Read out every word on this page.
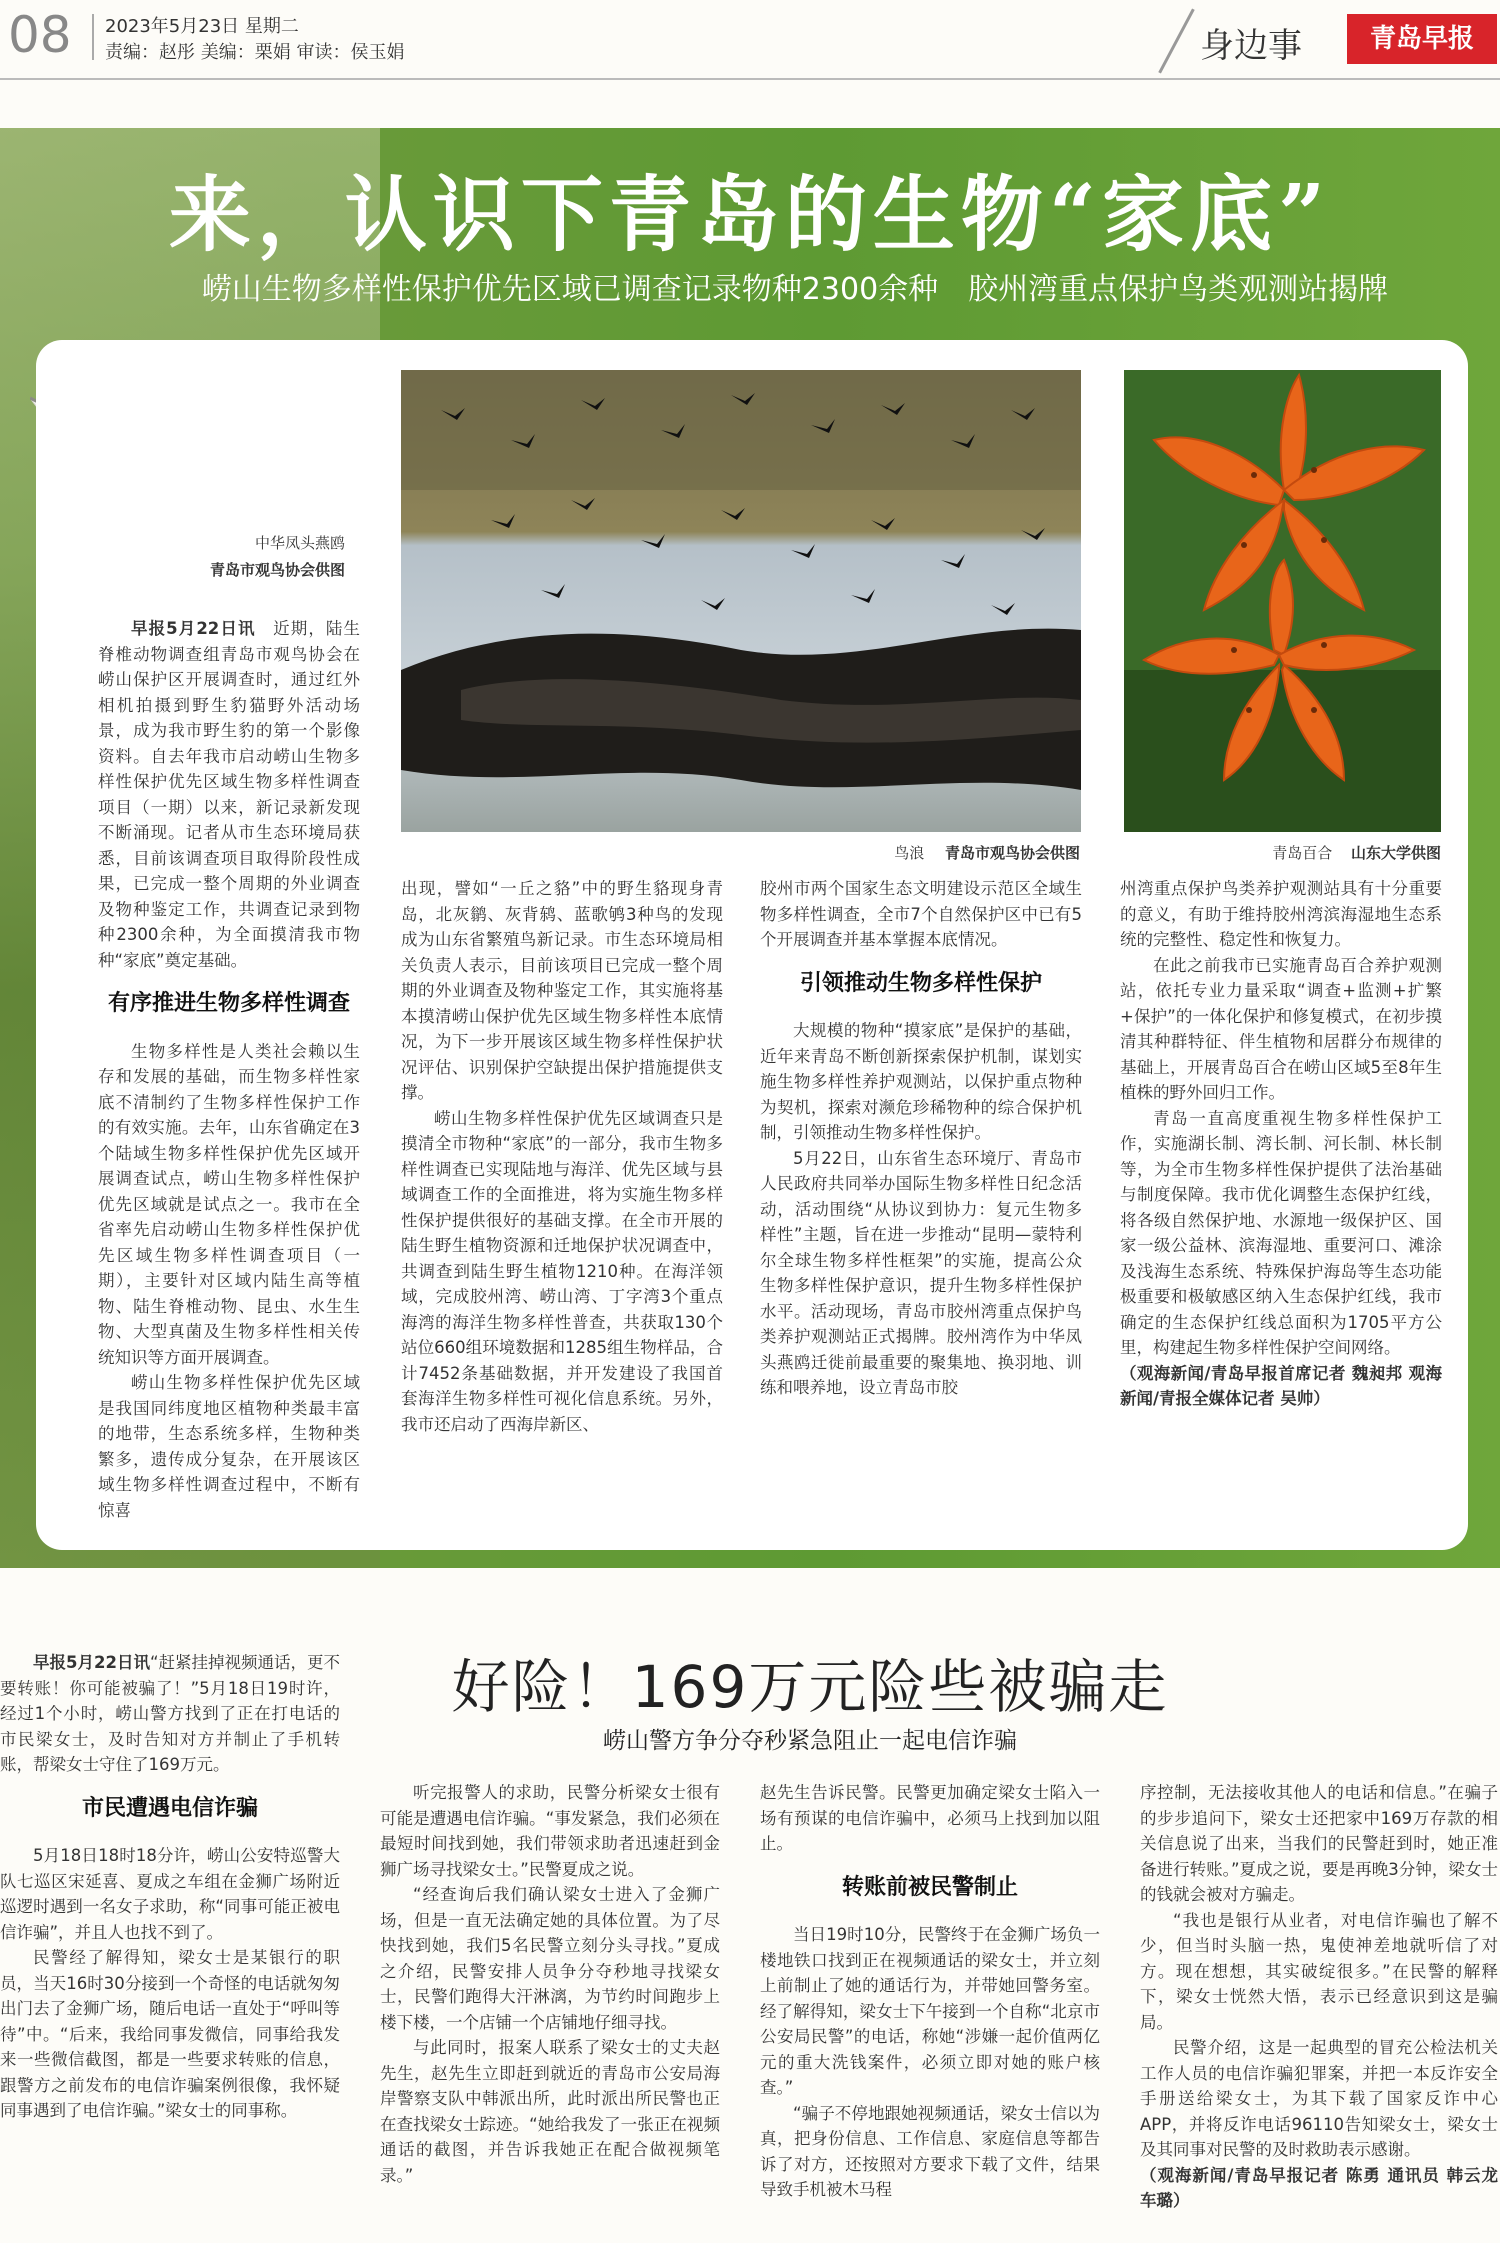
08 2023年5月23日 星期二
责编：赵彤 美编：栗娟 审读：侯玉娟	身边事	青岛早报
来，认识下青岛的生物“家底”
崂山生物多样性保护优先区域已调查记录物种2300余种　胶州湾重点保护鸟类观测站揭牌
中华凤头燕鸥
青岛市观鸟协会供图
鸟浪 青岛市观鸟协会供图	青岛百合 山东大学供图

早报5月22日讯　 近期，陆生脊椎动物调查组青岛市观鸟协会在崂山保护区开展调查时，通过红外相机拍摄到野生豹猫野外活动场景，成为我市野生豹的第一个影像资料。自去年我市启动崂山生物多样性保护优先区域生物多样性调查项目（一期）以来，新记录新发现不断涌现。记者从市生态环境局获悉，目前该调查项目取得阶段性成果，已完成一整个周期的外业调查及物种鉴定工作，共调查记录到物种2300余种，为全面摸清我市物种“家底”奠定基础。

有序推进生物多样性调查

生物多样性是人类社会赖以生存和发展的基础，而生物多样性家底不清制约了生物多样性保护工作的有效实施。去年，山东省确定在3个陆域生物多样性保护优先区域开展调查试点，崂山生物多样性保护优先区域就是试点之一。我市在全省率先启动崂山生物多样性保护优先区域生物多样性调查项目（一期），主要针对区域内陆生高等植物、陆生脊椎动物、昆虫、水生生物、大型真菌及生物多样性相关传统知识等方面开展调查。

崂山生物多样性保护优先区域是我国同纬度地区植物种类最丰富的地带，生态系统多样，生物种类繁多，遗传成分复杂，在开展该区域生物多样性调查过程中，不断有惊喜

出现，譬如“一丘之貉”中的野生貉现身青岛，北灰鹟、灰背鸫、蓝歌鸲3种鸟的发现成为山东省繁殖鸟新记录。市生态环境局相关负责人表示，目前该项目已完成一整个周期的外业调查及物种鉴定工作，其实施将基本摸清崂山保护优先区域生物多样性本底情况，为下一步开展该区域生物多样性保护状况评估、识别保护空缺提出保护措施提供支撑。

崂山生物多样性保护优先区域调查只是摸清全市物种“家底”的一部分，我市生物多样性调查已实现陆地与海洋、优先区域与县域调查工作的全面推进，将为实施生物多样性保护提供很好的基础支撑。在全市开展的陆生野生植物资源和迁地保护状况调查中，共调查到陆生野生植物1210种。在海洋领域，完成胶州湾、崂山湾、丁字湾3个重点海湾的海洋生物多样性普查，共获取130个站位660组环境数据和1285组生物样品，合计7452条基础数据，并开发建设了我国首套海洋生物多样性可视化信息系统。另外，我市还启动了西海岸新区、

胶州市两个国家生态文明建设示范区全域生物多样性调查，全市7个自然保护区中已有5个开展调查并基本掌握本底情况。

引领推动生物多样性保护

大规模的物种“摸家底”是保护的基础，近年来青岛不断创新探索保护机制，谋划实施生物多样性养护观测站，以保护重点物种为契机，探索对濒危珍稀物种的综合保护机制，引领推动生物多样性保护。

5月22日，山东省生态环境厅、青岛市人民政府共同举办国际生物多样性日纪念活动，活动围绕“从协议到协力：复元生物多样性”主题，旨在进一步推动“昆明—蒙特利尔全球生物多样性框架”的实施，提高公众生物多样性保护意识，提升生物多样性保护水平。活动现场，青岛市胶州湾重点保护鸟类养护观测站正式揭牌。胶州湾作为中华凤头燕鸥迁徙前最重要的聚集地、换羽地、训练和喂养地，设立青岛市胶

州湾重点保护鸟类养护观测站具有十分重要的意义，有助于维持胶州湾滨海湿地生态系统的完整性、稳定性和恢复力。

在此之前我市已实施青岛百合养护观测站，依托专业力量采取“调查+监测+扩繁+保护”的一体化保护和修复模式，在初步摸清其种群特征、伴生植物和居群分布规律的基础上，开展青岛百合在崂山区域5至8年生植株的野外回归工作。

青岛一直高度重视生物多样性保护工作，实施湖长制、湾长制、河长制、林长制等，为全市生物多样性保护提供了法治基础与制度保障。我市优化调整生态保护红线，将各级自然保护地、水源地一级保护区、国家一级公益林、滨海湿地、重要河口、滩涂及浅海生态系统、特殊保护海岛等生态功能极重要和极敏感区纳入生态保护红线，我市确定的生态保护红线总面积为1705平方公里，构建起生物多样性保护空间网络。

（观海新闻/青岛早报首席记者 魏昶邦 观海新闻/青报全媒体记者 吴帅）

好险！169万元险些被骗走
崂山警方争分夺秒紧急阻止一起电信诈骗

早报5月22日讯“赶紧挂掉视频通话，更不要转账！你可能被骗了！”5月18日19时许，经过1个小时，崂山警方找到了正在打电话的市民梁女士，及时告知对方并制止了手机转账，帮梁女士守住了169万元。

市民遭遇电信诈骗

5月18日18时18分许，崂山公安特巡警大队七巡区宋延喜、夏成之车组在金狮广场附近巡逻时遇到一名女子求助，称“同事可能正被电信诈骗”，并且人也找不到了。

民警经了解得知，梁女士是某银行的职员，当天16时30分接到一个奇怪的电话就匆匆出门去了金狮广场，随后电话一直处于“呼叫等待”中。“后来，我给同事发微信，同事给我发来一些微信截图，都是一些要求转账的信息，跟警方之前发布的电信诈骗案例很像，我怀疑同事遇到了电信诈骗。”梁女士的同事称。

听完报警人的求助，民警分析梁女士很有可能是遭遇电信诈骗。“事发紧急，我们必须在最短时间找到她，我们带领求助者迅速赶到金狮广场寻找梁女士。”民警夏成之说。

“经查询后我们确认梁女士进入了金狮广场，但是一直无法确定她的具体位置。为了尽快找到她，我们5名民警立刻分头寻找。”夏成之介绍，民警安排人员争分夺秒地寻找梁女士，民警们跑得大汗淋漓，为节约时间跑步上楼下楼，一个店铺一个店铺地仔细寻找。

与此同时，报案人联系了梁女士的丈夫赵先生，赵先生立即赶到就近的青岛市公安局海岸警察支队中韩派出所，此时派出所民警也正在查找梁女士踪迹。“她给我发了一张正在视频通话的截图，并告诉我她正在配合做视频笔录。”

赵先生告诉民警。民警更加确定梁女士陷入一场有预谋的电信诈骗中，必须马上找到加以阻止。

转账前被民警制止

当日19时10分，民警终于在金狮广场负一楼地铁口找到正在视频通话的梁女士，并立刻上前制止了她的通话行为，并带她回警务室。经了解得知，梁女士下午接到一个自称“北京市公安局民警”的电话，称她“涉嫌一起价值两亿元的重大洗钱案件，必须立即对她的账户核查。”

“骗子不停地跟她视频通话，梁女士信以为真，把身份信息、工作信息、家庭信息等都告诉了对方，还按照对方要求下载了文件，结果导致手机被木马程

序控制，无法接收其他人的电话和信息。”在骗子的步步追问下，梁女士还把家中169万存款的相关信息说了出来，当我们的民警赶到时，她正准备进行转账。”夏成之说，要是再晚3分钟，梁女士的钱就会被对方骗走。

“我也是银行从业者，对电信诈骗也了解不少，但当时头脑一热，鬼使神差地就听信了对方。现在想想，其实破绽很多。”在民警的解释下，梁女士恍然大悟，表示已经意识到这是骗局。

民警介绍，这是一起典型的冒充公检法机关工作人员的电信诈骗犯罪案，并把一本反诈安全手册送给梁女士，为其下载了国家反诈中心APP，并将反诈电话96110告知梁女士，梁女士及其同事对民警的及时救助表示感谢。

（观海新闻/青岛早报记者 陈勇 通讯员 韩云龙 车璐）
